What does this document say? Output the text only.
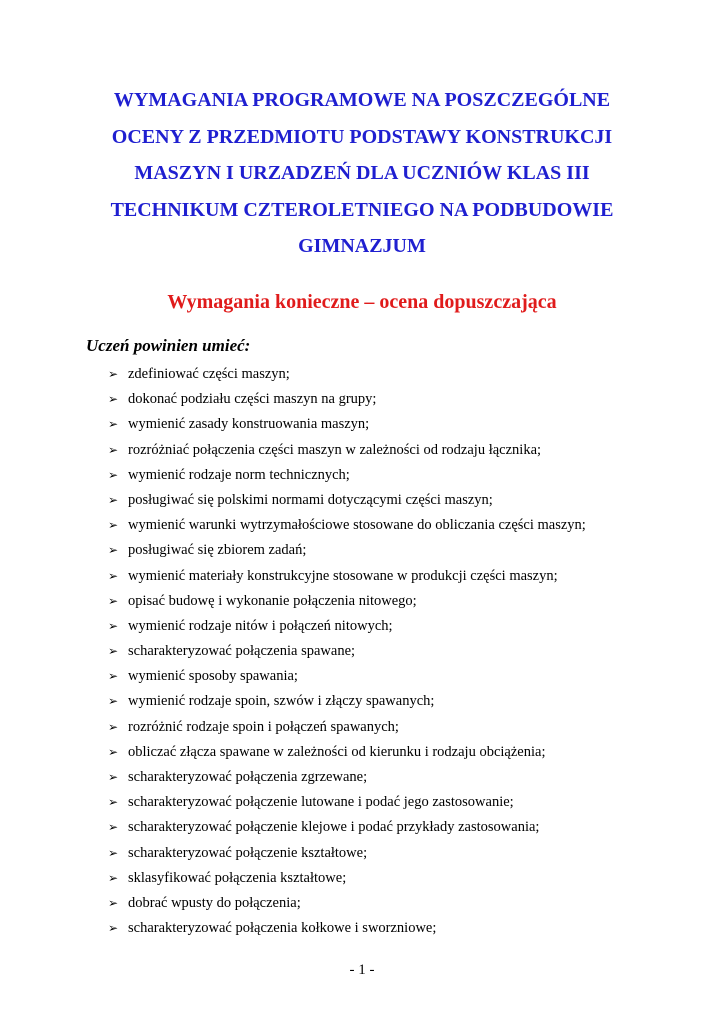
WYMAGANIA PROGRAMOWE NA POSZCZEGÓLNE
OCENY Z PRZEDMIOTU PODSTAWY KONSTRUKCJI
MASZYN I URZADZEŃ DLA UCZNIÓW KLAS III
TECHNIKUM CZTEROLETNIEGO NA PODBUDOWIE
GIMNAZJUM
Wymagania konieczne – ocena dopuszczająca
Uczeń powinien umieć:
➢ zdefiniować części maszyn;
➢ dokonać podziału części maszyn na grupy;
➢ wymienić zasady konstruowania maszyn;
➢ rozróżniać połączenia części maszyn w zależności od rodzaju łącznika;
➢ wymienić rodzaje norm technicznych;
➢ posługiwać się polskimi normami dotyczącymi części maszyn;
➢ wymienić warunki wytrzymałościowe stosowane do obliczania części maszyn;
➢ posługiwać się zbiorem zadań;
➢ wymienić materiały konstrukcyjne stosowane w produkcji części maszyn;
➢ opisać budowę i wykonanie połączenia nitowego;
➢ wymienić rodzaje nitów i połączeń nitowych;
➢ scharakteryzować połączenia spawane;
➢ wymienić sposoby spawania;
➢ wymienić rodzaje spoin, szwów i złączy spawanych;
➢ rozróżnić rodzaje spoin i połączeń spawanych;
➢ obliczać złącza spawane w zależności od kierunku i rodzaju obciążenia;
➢ scharakteryzować połączenia zgrzewane;
➢ scharakteryzować połączenie lutowane i podać jego zastosowanie;
➢ scharakteryzować połączenie klejowe i podać przykłady zastosowania;
➢ scharakteryzować połączenie kształtowe;
➢ sklasyfikować połączenia kształtowe;
➢ dobrać wpusty do połączenia;
➢ scharakteryzować połączenia kołkowe i sworzniowe;
- 1 -
